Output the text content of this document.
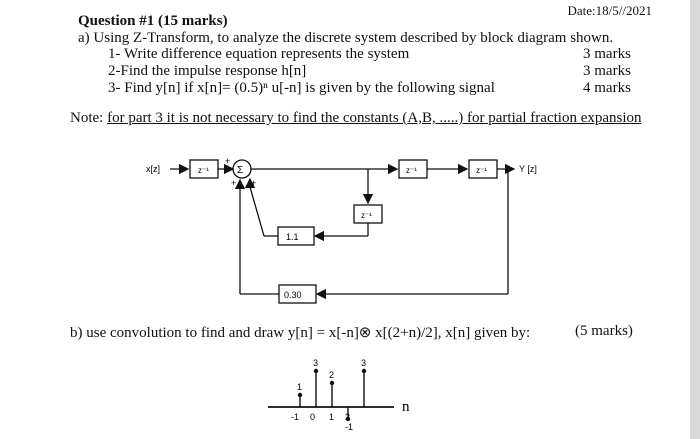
Date:18/5//2021
Question #1 (15 marks)
a) Using Z-Transform, to analyze the discrete system described by block diagram shown.
1- Write difference equation represents the system	3 marks
2-Find the impulse response h[n]	3 marks
3- Find y[n] if x[n]= (0.5)ⁿ u[-n] is given by the following signal	4 marks
Note: for part 3 it is not necessary to find the constants (A,B, .....) for partial fraction expansion
x[z]	z⁻¹	Σ
+
+ +
z⁻¹	z⁻¹
z⁻¹
Y [z]
1.1
0.30
1
3
2
-1
3
n
-1 0 1 2
b) use convolution to find and draw y[n] = x[-n]⊗ x[(2+n)/2], x[n] given by:	(5 marks)
